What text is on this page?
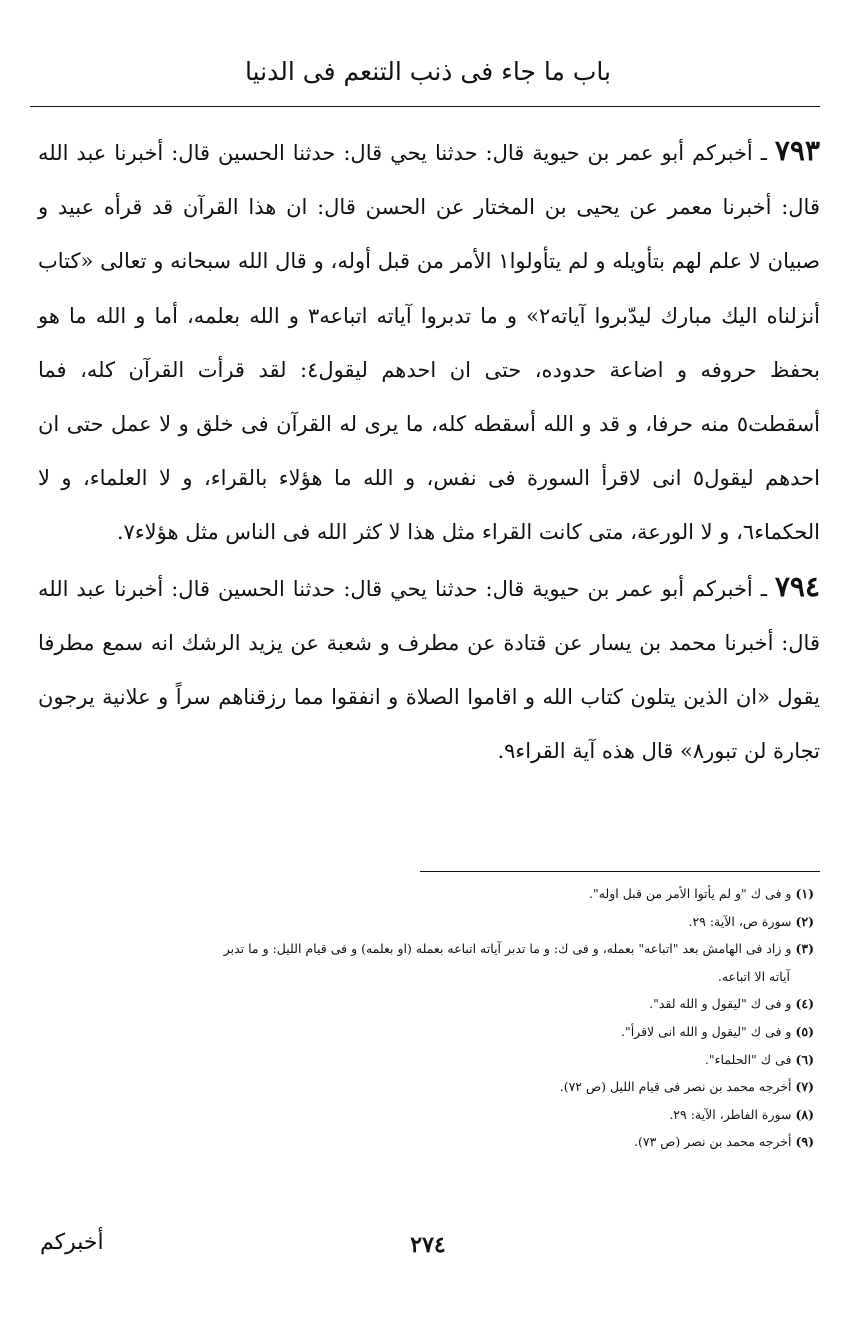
باب ما جاء فى ذنب التنعم فى الدنيا

٧٩٣ ـ أخبركم أبو عمر بن حيوية قال: حدثنا يحي قال: حدثنا الحسين قال: أخبرنا عبد الله قال: أخبرنا معمر عن يحيى بن المختار عن الحسن قال: ان هذا القرآن قد قرأه عبيد و صبيان لا علم لهم بتأويله و لم يتأولوا١ الأمر من قبل أوله، و قال الله سبحانه و تعالى «كتاب أنزلناه اليك مبارك ليدّبروا آياته٢» و ما تدبروا آياته اتباعه٣ و الله بعلمه، أما و الله ما هو بحفظ حروفه و اضاعة حدوده، حتى ان احدهم ليقول٤: لقد قرأت القرآن كله، فما أسقطت٥ منه حرفا، و قد و الله أسقطه كله، ما يرى له القرآن فى خلق و لا عمل حتى ان احدهم ليقول٥ انى لاقرأ السورة فى نفس، و الله ما هؤلاء بالقراء، و لا العلماء، و لا الحكماء٦، و لا الورعة، متى كانت القراء مثل هذا لا كثر الله فى الناس مثل هؤلاء٧.

٧٩٤ ـ أخبركم أبو عمر بن حيوية قال: حدثنا يحي قال: حدثنا الحسين قال: أخبرنا عبد الله قال: أخبرنا محمد بن يسار عن قتادة عن مطرف و شعبة عن يزيد الرشك انه سمع مطرفا يقول «ان الذين يتلون كتاب الله و اقاموا الصلاة و انفقوا مما رزقناهم سراً و علانية يرجون تجارة لن تبور٨» قال هذه آية القراء٩.

(١) و فى ك "و لم يأتوا الأمر من قبل اوله".

(٢) سورة ص، الآية: ٢٩.

(٣) و زاد فى الهامش بعد "اتباعه" بعمله، و فى ك: و ما تدبر آياته اتباعه بعمله (او بعلمه) و فى قيام الليل: و ما تدبر

آياته الا اتباعه.

(٤) و فى ك "ليقول و الله لقد".

(٥) و فى ك "ليقول و الله انى لاقرأ".

(٦) فى ك "الحلماء".

(٧) أخرجه محمد بن نصر فى قيام الليل (ص ٧٢).

(٨) سورة الفاطر، الآية: ٢٩.

(٩) أخرجه محمد بن نصر (ص ٧٣).

٢٧٤
أخبركم
